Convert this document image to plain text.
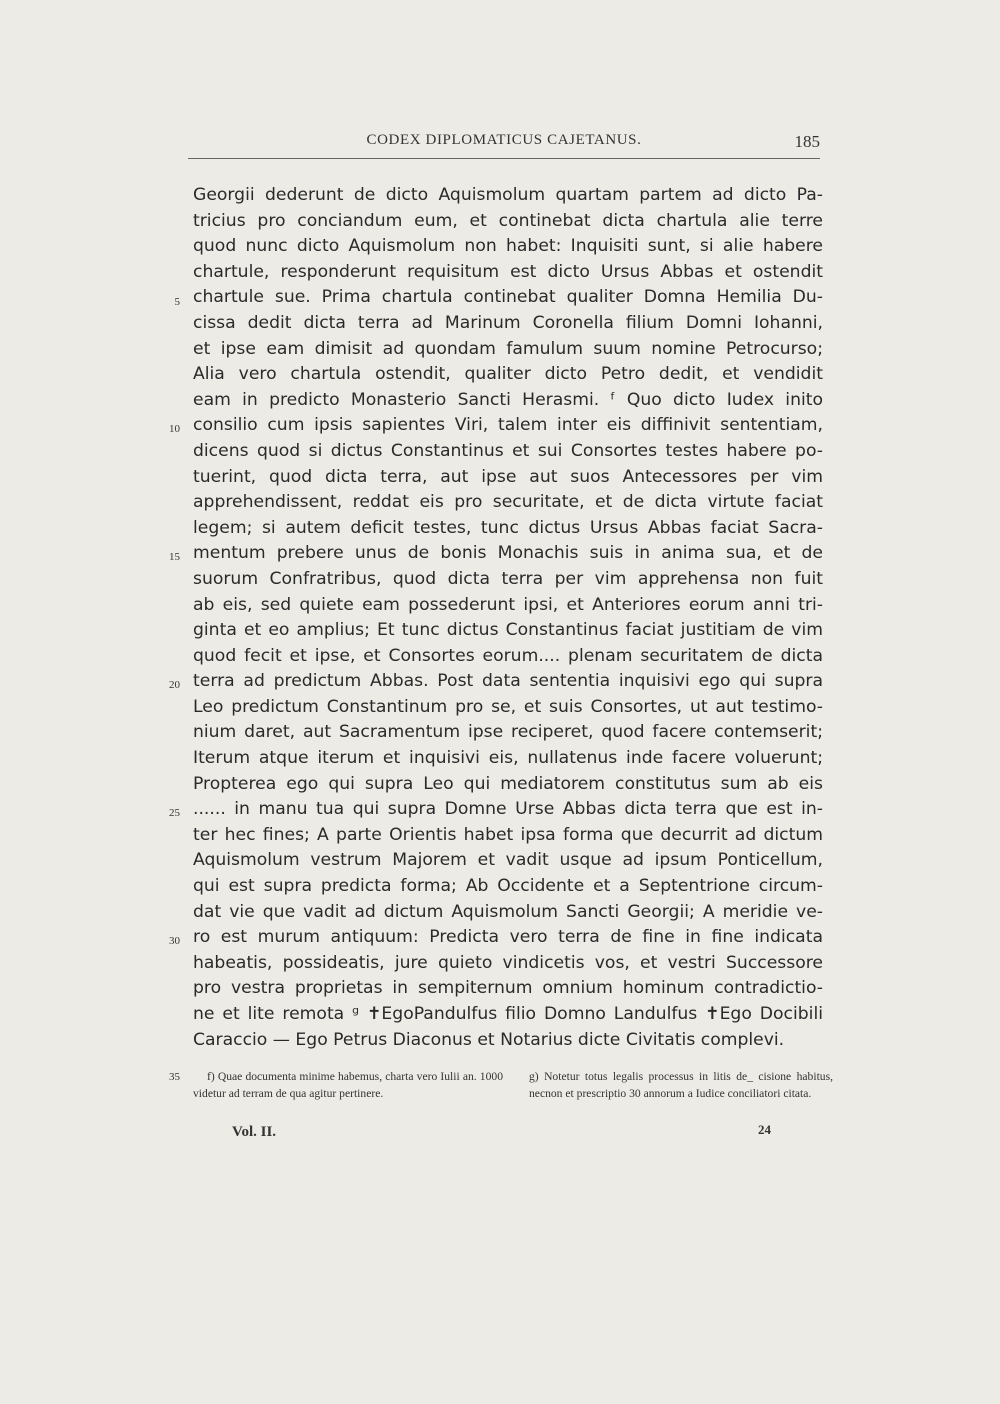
CODEX DIPLOMATICUS CAJETANUS.	185
5
10
15
20
25
30
35
Georgii dederunt de dicto Aquismolum quartam partem ad dicto Pa-
tricius pro conciandum eum, et continebat dicta chartula alie terre
quod nunc dicto Aquismolum non habet: Inquisiti sunt, si alie habere
chartule, responderunt requisitum est dicto Ursus Abbas et ostendit
chartule sue. Prima chartula continebat qualiter Domna Hemilia Du-
cissa dedit dicta terra ad Marinum Coronella filium Domni Iohanni,
et ipse eam dimisit ad quondam famulum suum nomine Petrocurso;
Alia vero chartula ostendit, qualiter dicto Petro dedit, et vendidit
eam in predicto Monasterio Sancti Herasmi. ᶠ Quo dicto Iudex inito
consilio cum ipsis sapientes Viri, talem inter eis diffinivit sententiam,
dicens quod si dictus Constantinus et sui Consortes testes habere po-
tuerint, quod dicta terra, aut ipse aut suos Antecessores per vim
apprehendissent, reddat eis pro securitate, et de dicta virtute faciat
legem; si autem deficit testes, tunc dictus Ursus Abbas faciat Sacra-
mentum prebere unus de bonis Monachis suis in anima sua, et de
suorum Confratribus, quod dicta terra per vim apprehensa non fuit
ab eis, sed quiete eam possederunt ipsi, et Anteriores eorum anni tri-
ginta et eo amplius; Et tunc dictus Constantinus faciat justitiam de vim
quod fecit et ipse, et Consortes eorum.... plenam securitatem de dicta
terra ad predictum Abbas. Post data sententia inquisivi ego qui supra
Leo predictum Constantinum pro se, et suis Consortes, ut aut testimo-
nium daret, aut Sacramentum ipse reciperet, quod facere contemserit;
Iterum atque iterum et inquisivi eis, nullatenus inde facere voluerunt;
Propterea ego qui supra Leo qui mediatorem constitutus sum ab eis
...... in manu tua qui supra Domne Urse Abbas dicta terra que est in-
ter hec fines; A parte Orientis habet ipsa forma que decurrit ad dictum
Aquismolum vestrum Majorem et vadit usque ad ipsum Ponticellum,
qui est supra predicta forma; Ab Occidente et a Septentrione circum-
dat vie que vadit ad dictum Aquismolum Sancti Georgii; A meridie ve-
ro est murum antiquum: Predicta vero terra de fine in fine indicata
habeatis, possideatis, jure quieto vindicetis vos, et vestri Successore
pro vestra proprietas in sempiternum omnium hominum contradictio-
ne et lite remota ᵍ ✝EgoPandulfus filio Domno Landulfus ✝Ego Docibili
Caraccio — Ego Petrus Diaconus et Notarius dicte Civitatis complevi.
f) Quae documenta minime habemus, charta vero Iulii an. 1000 videtur ad terram de qua agitur pertinere.
g) Notetur totus legalis processus in litis de_ cisione habitus, necnon et prescriptio 30 annorum a Iudice conciliatori citata.
Vol. II.	24
